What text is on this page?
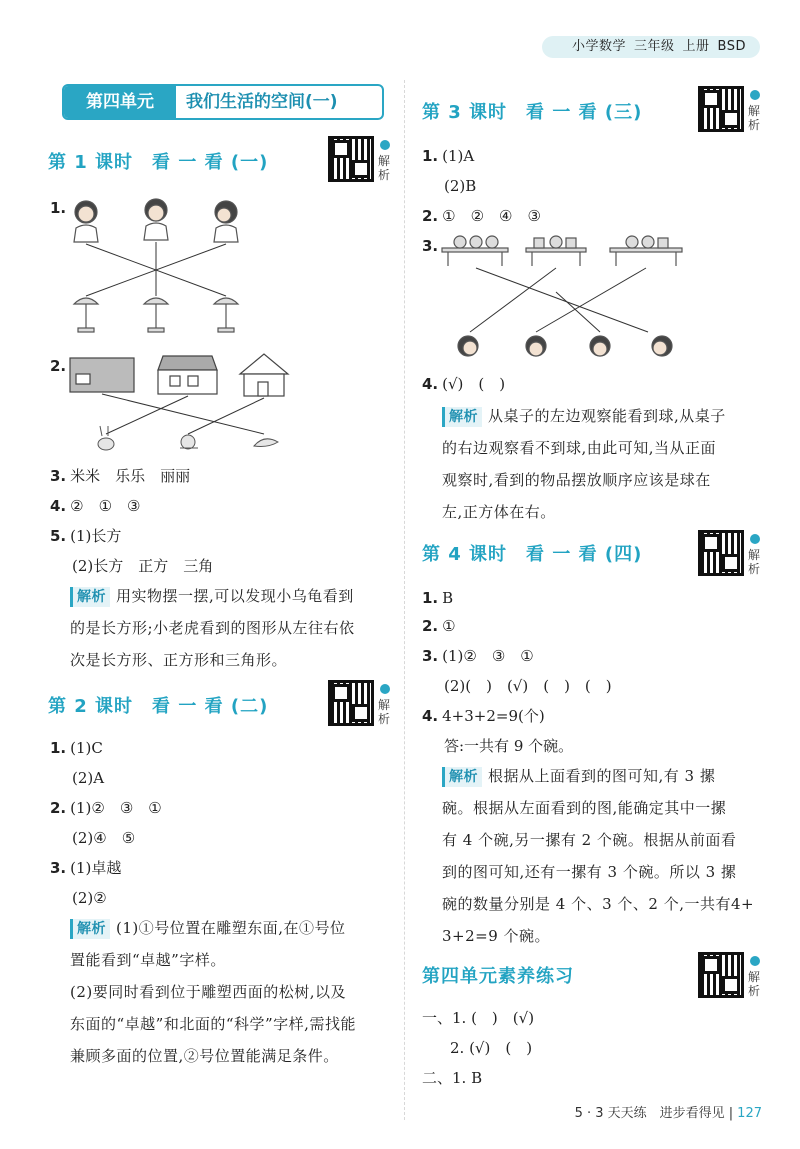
小学数学 三年级 上册 BSD
第四单元	我们生活的空间(一)
第 1 课时　看 一 看 (一)	解析
1.
2.
3. 米米　乐乐　丽丽
4. ②　①　③
5. (1)长方
(2)长方　正方　三角
解析 用实物摆一摆,可以发现小乌龟看到
的是长方形;小老虎看到的图形从左往右依
次是长方形、正方形和三角形。
第 2 课时　看 一 看 (二)	解析
1. (1)C
(2)A
2. (1)②　③　①
(2)④　⑤
3. (1)卓越
(2)②
解析 (1)①号位置在雕塑东面,在①号位
置能看到“卓越”字样。
(2)要同时看到位于雕塑西面的松树,以及
东面的“卓越”和北面的“科学”字样,需找能
兼顾多面的位置,②号位置能满足条件。
第 3 课时　看 一 看 (三)	解析
1. (1)A
(2)B
2. ①　②　④　③
3.
4. (√)　(　)
解析 从桌子的左边观察能看到球,从桌子
的右边观察看不到球,由此可知,当从正面
观察时,看到的物品摆放顺序应该是球在
左,正方体在右。
第 4 课时　看 一 看 (四)	解析
1. B
2. ①
3. (1)②　③　①
(2)(　)　(√)　(　)　(　)
4. 4+3+2=9(个)
答:一共有 9 个碗。
解析 根据从上面看到的图可知,有 3 摞
碗。根据从左面看到的图,能确定其中一摞
有 4 个碗,另一摞有 2 个碗。根据从前面看
到的图可知,还有一摞有 3 个碗。所以 3 摞
碗的数量分别是 4 个、3 个、2 个,一共有4+
3+2=9 个碗。
第四单元素养练习	解析
一、1. (　)　(√)
2. (√)　(　)
二、1. B
5 · 3 天天练　进步看得见 | 127
